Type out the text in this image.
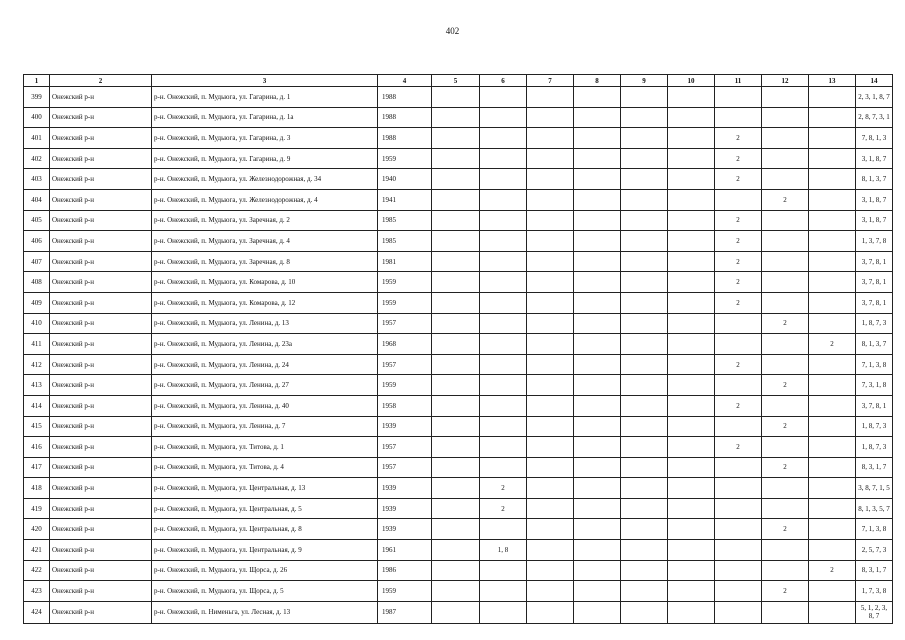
402
1	2	3	4	5	6	7	8	9	10	11	12	13	14
399	Онежский р-н	р-н. Онежский, п. Мудьюга, ул. Гагарина, д. 1	1988										2, 3, 1, 8, 7
400	Онежский р-н	р-н. Онежский, п. Мудьюга, ул. Гагарина, д. 1а	1988										2, 8, 7, 3, 1
401	Онежский р-н	р-н. Онежский, п. Мудьюга, ул. Гагарина, д. 3	1988							2			7, 8, 1, 3
402	Онежский р-н	р-н. Онежский, п. Мудьюга, ул. Гагарина, д. 9	1959							2			3, 1, 8, 7
403	Онежский р-н	р-н. Онежский, п. Мудьюга, ул. Железнодорожная, д. 34	1940							2			8, 1, 3, 7
404	Онежский р-н	р-н. Онежский, п. Мудьюга, ул. Железнодорожная, д. 4	1941								2		3, 1, 8, 7
405	Онежский р-н	р-н. Онежский, п. Мудьюга, ул. Заречная, д. 2	1985							2			3, 1, 8, 7
406	Онежский р-н	р-н. Онежский, п. Мудьюга, ул. Заречная, д. 4	1985							2			1, 3, 7, 8
407	Онежский р-н	р-н. Онежский, п. Мудьюга, ул. Заречная, д. 8	1981							2			3, 7, 8, 1
408	Онежский р-н	р-н. Онежский, п. Мудьюга, ул. Комарова, д. 10	1959							2			3, 7, 8, 1
409	Онежский р-н	р-н. Онежский, п. Мудьюга, ул. Комарова, д. 12	1959							2			3, 7, 8, 1
410	Онежский р-н	р-н. Онежский, п. Мудьюга, ул. Ленина, д. 13	1957								2		1, 8, 7, 3
411	Онежский р-н	р-н. Онежский, п. Мудьюга, ул. Ленина, д. 23а	1968									2	8, 1, 3, 7
412	Онежский р-н	р-н. Онежский, п. Мудьюга, ул. Ленина, д. 24	1957							2			7, 1, 3, 8
413	Онежский р-н	р-н. Онежский, п. Мудьюга, ул. Ленина, д. 27	1959								2		7, 3, 1, 8
414	Онежский р-н	р-н. Онежский, п. Мудьюга, ул. Ленина, д. 40	1958							2			3, 7, 8, 1
415	Онежский р-н	р-н. Онежский, п. Мудьюга, ул. Ленина, д. 7	1939								2		1, 8, 7, 3
416	Онежский р-н	р-н. Онежский, п. Мудьюга, ул. Титова, д. 1	1957							2			1, 8, 7, 3
417	Онежский р-н	р-н. Онежский, п. Мудьюга, ул. Титова, д. 4	1957								2		8, 3, 1, 7
418	Онежский р-н	р-н. Онежский, п. Мудьюга, ул. Центральная, д. 13	1939		2								3, 8, 7, 1, 5
419	Онежский р-н	р-н. Онежский, п. Мудьюга, ул. Центральная, д. 5	1939		2								8, 1, 3, 5, 7
420	Онежский р-н	р-н. Онежский, п. Мудьюга, ул. Центральная, д. 8	1939								2		7, 1, 3, 8
421	Онежский р-н	р-н. Онежский, п. Мудьюга, ул. Центральная, д. 9	1961		1, 8								2, 5, 7, 3
422	Онежский р-н	р-н. Онежский, п. Мудьюга, ул. Щорса, д. 26	1986									2	8, 3, 1, 7
423	Онежский р-н	р-н. Онежский, п. Мудьюга, ул. Щорса, д. 5	1959								2		1, 7, 3, 8
424	Онежский р-н	р-н. Онежский, п. Нименьга, ул. Лесная, д. 13	1987										5, 1, 2, 3, 8, 7
